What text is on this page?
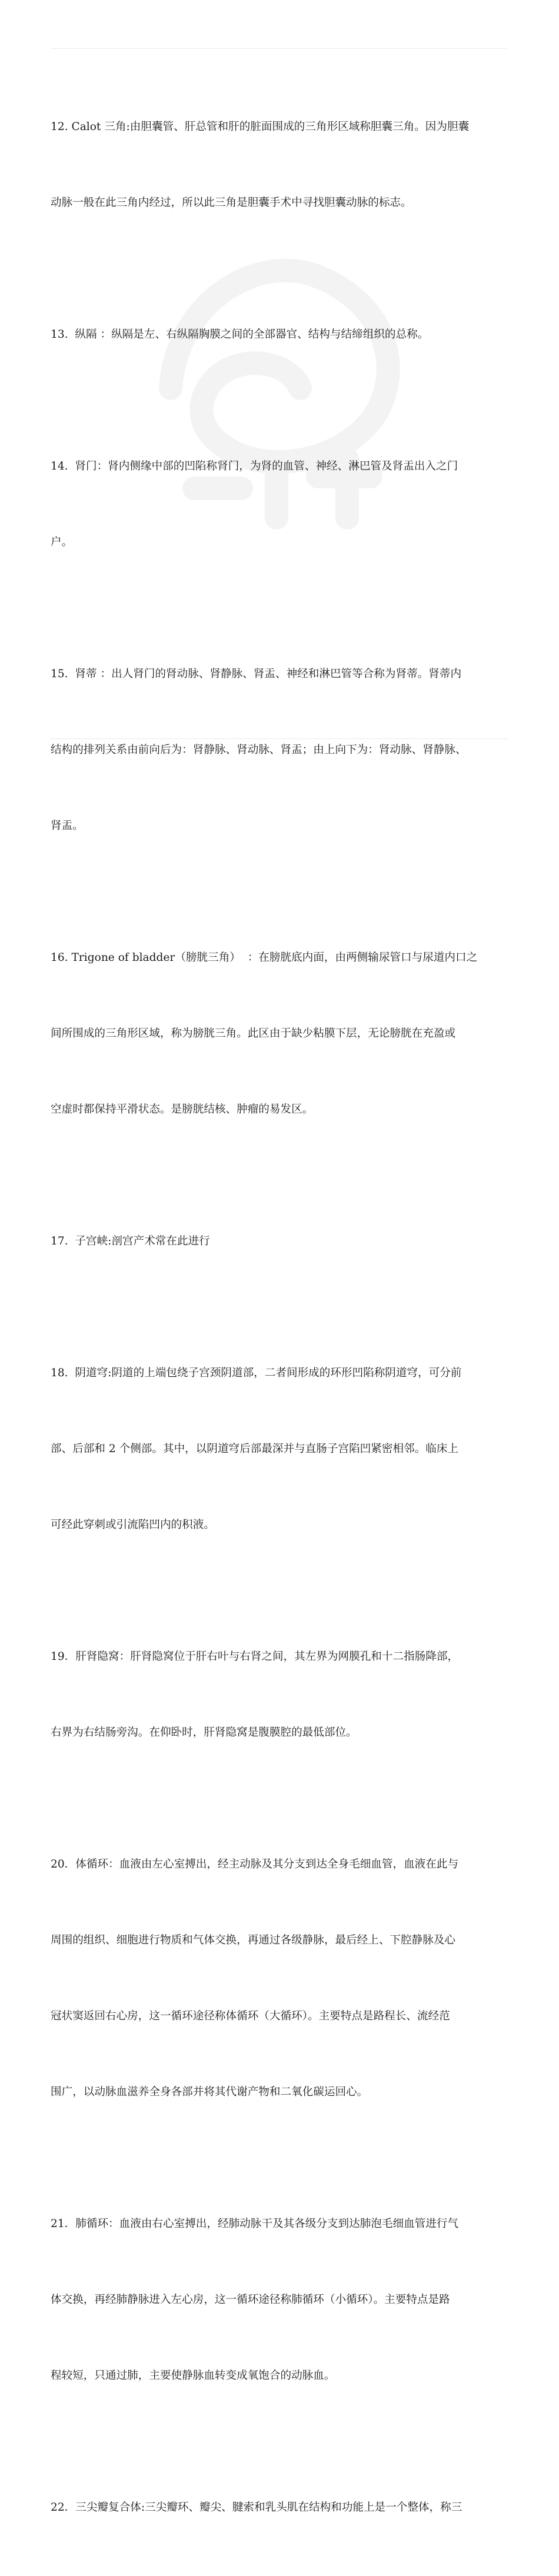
12. Calot 三角:由胆囊管、肝总管和肝的脏面围成的三角形区域称胆囊三角。因为胆囊

动脉一般在此三角内经过，所以此三角是胆囊手术中寻找胆囊动脉的标志。

13.  纵隔 ：纵隔是左、右纵隔胸膜之间的全部器官、结构与结缔组织的总称。

14.  肾门：肾内侧缘中部的凹陷称肾门，为肾的血管、神经、淋巴管及肾盂出入之门

户。

15.  肾蒂 ：出人肾门的肾动脉、肾静脉、肾盂、神经和淋巴管等合称为肾蒂。肾蒂内

结构的排列关系由前向后为：肾静脉、肾动脉、肾盂；由上向下为：肾动脉、肾静脉、

肾盂。

16. Trigone of bladder（膀胱三角）  ：在膀胱底内面，由两侧输尿管口与尿道内口之

间所围成的三角形区域，称为膀胱三角。此区由于缺少粘膜下层，无论膀胱在充盈或

空虚时都保持平滑状态。是膀胱结核、肿瘤的易发区。

17.  子宫峡:剖宫产术常在此进行

18.  阴道穹:阴道的上端包绕子宫颈阴道部，二者间形成的环形凹陷称阴道穹，可分前

部、后部和 2 个侧部。其中，以阴道穹后部最深并与直肠子宫陷凹紧密相邻。临床上

可经此穿刺或引流陷凹内的积液。

19．肝肾隐窝：肝肾隐窝位于肝右叶与右肾之间，其左界为网膜孔和十二指肠降部，

右界为右结肠旁沟。在仰卧时，肝肾隐窝是腹膜腔的最低部位。

20．体循环：血液由左心室搏出，经主动脉及其分支到达全身毛细血管，血液在此与

周围的组织、细胞进行物质和气体交换，再通过各级静脉，最后经上、下腔静脉及心

冠状窦返回右心房，这一循环途径称体循环（大循环）。主要特点是路程长、流经范

围广，以动脉血滋养全身各部并将其代谢产物和二氧化碳运回心。

21．肺循环：血液由右心室搏出，经肺动脉干及其各级分支到达肺泡毛细血管进行气

体交换，再经肺静脉进入左心房，这一循环途径称肺循环（小循环）。主要特点是路

程较短，只通过肺，主要使静脉血转变成氧饱合的动脉血。

22．三尖瓣复合体:三尖瓣环、瓣尖、腱索和乳头肌在结构和功能上是一个整体，称三
